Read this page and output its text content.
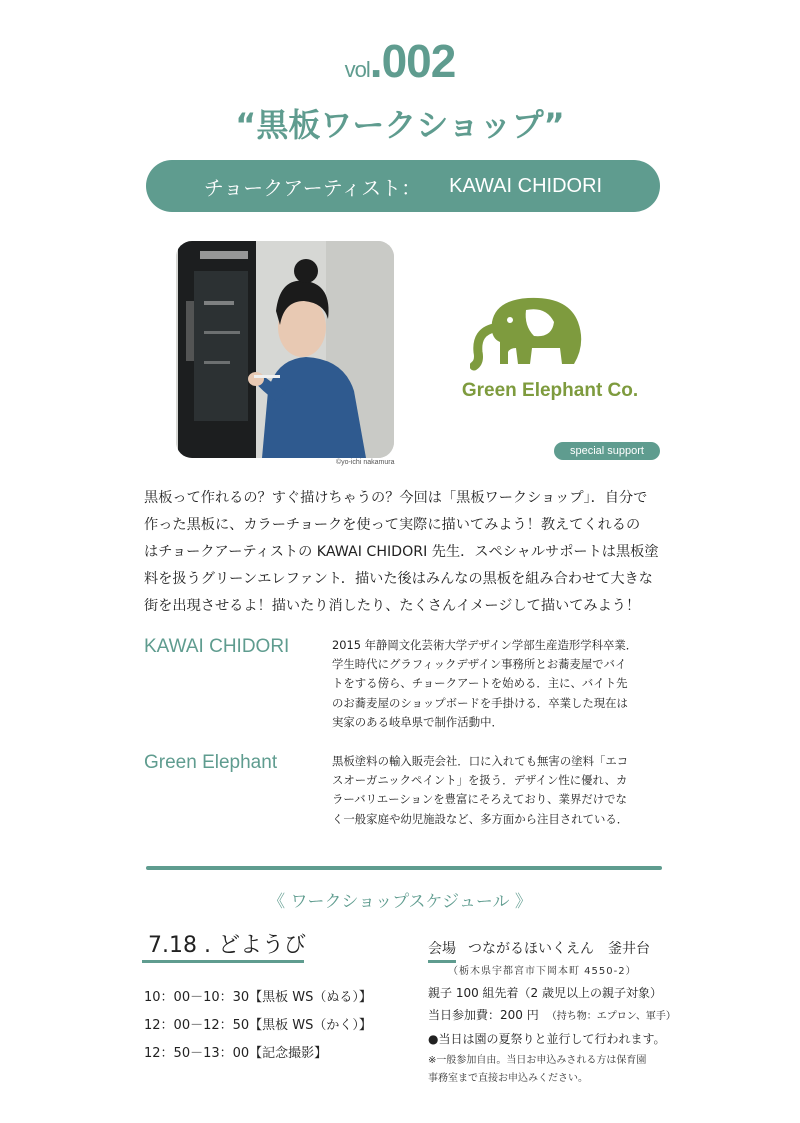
vol.002
“黒板ワークショップ”
チョークアーティスト： KAWAI CHIDORI
©yo-ichi nakamura
Green Elephant Co.
special support
黒板って作れるの？すぐ描けちゃうの？今回は「黒板ワークショップ」．自分で
作った黒板に、カラーチョークを使って実際に描いてみよう！教えてくれるの
はチョークアーティストの KAWAI CHIDORI 先生．スペシャルサポートは黒板塗
料を扱うグリーンエレファント．描いた後はみんなの黒板を組み合わせて大きな
街を出現させるよ！描いたり消したり、たくさんイメージして描いてみよう！
KAWAI CHIDORI	2015 年静岡文化芸術大学デザイン学部生産造形学科卒業．
学生時代にグラフィックデザイン事務所とお蕎麦屋でバイ
トをする傍ら、チョークアートを始める．主に、バイト先
のお蕎麦屋のショップボードを手掛ける．卒業した現在は
実家のある岐阜県で制作活動中．
Green Elephant	黒板塗料の輸入販売会社．口に入れても無害の塗料「エコ
スオーガニックペイント」を扱う．デザイン性に優れ、カ
ラーバリエーションを豊富にそろえており、業界だけでな
く一般家庭や幼児施設など、多方面から注目されている．
《 ワークショップスケジュール 》
7.18 . どようび
10：00－10：30【黒板 WS（ぬる）】
12：00－12：50【黒板 WS（かく）】
12：50－13：00【記念撮影】
会場 つながるほいくえん　釜井台
（栃木県宇都宮市下岡本町 4550-2）
親子 100 組先着（2 歳児以上の親子対象）
当日参加費：200 円 （持ち物：エプロン、軍手）
●当日は園の夏祭りと並行して行われます。
※一般参加自由。当日お申込みされる方は保育園
事務室まで直接お申込みください。
